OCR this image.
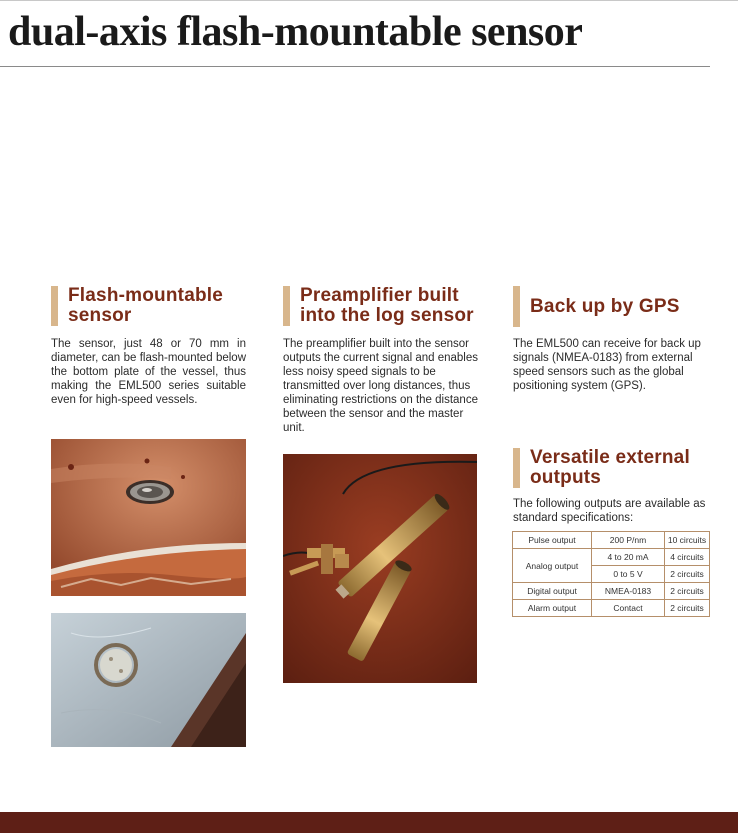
dual-axis flash-mountable sensor
Flash-mountable
sensor

The sensor, just 48 or 70 mm in diameter, can be flash-mounted below the bottom plate of the vessel, thus making the EML500 series suitable even for high-speed vessels.

Preamplifier built
into the log sensor

The preamplifier built into the sensor outputs the current signal and enables less noisy speed signals to be transmitted over long distances, thus eliminating restrictions on the distance between the sensor and the master unit.

Back up by GPS

The EML500 can receive for back up signals (NMEA-0183) from external speed sensors such as the global positioning system (GPS).

Versatile external
outputs

The following outputs are available as standard specifications:

Pulse output	200 P/nm	10 circuits
Analog output	4 to 20 mA	4 circuits
	0 to 5 V	2 circuits
Digital output	NMEA-0183	2 circuits
Alarm output	Contact	2 circuits
